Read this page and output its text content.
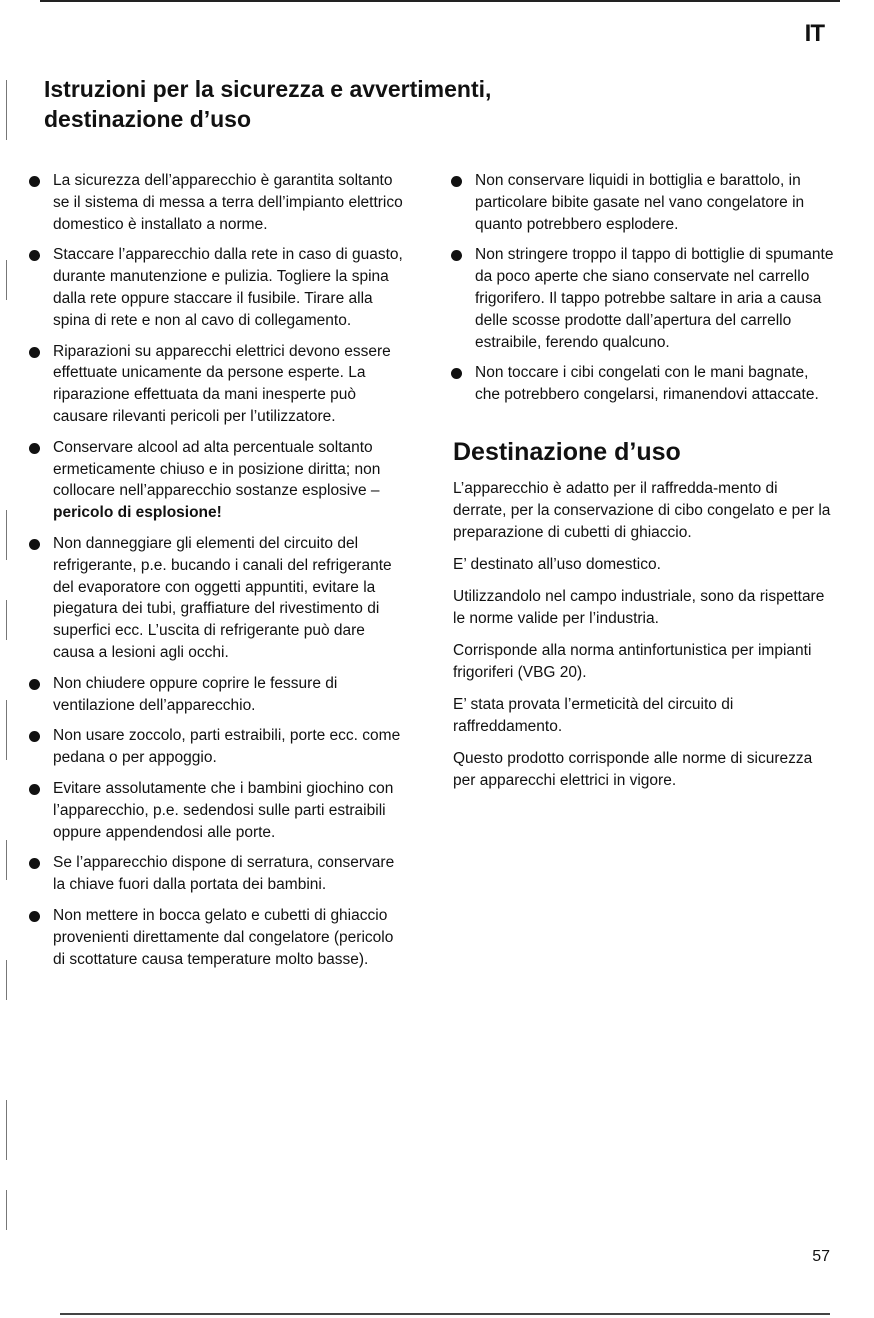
IT
Istruzioni per la sicurezza e avvertimenti, destinazione d’uso
La sicurezza dell’apparecchio è garantita soltanto se il sistema di messa a terra dell’impianto elettrico domestico è installato a norme.
Staccare l’apparecchio dalla rete in caso di guasto, durante manutenzione e pulizia. Togliere la spina dalla rete oppure staccare il fusibile. Tirare alla spina di rete e non al cavo di collegamento.
Riparazioni su apparecchi elettrici devono essere effettuate unicamente da persone esperte. La riparazione effettuata da mani inesperte può causare rilevanti pericoli per l’utilizzatore.
Conservare alcool ad alta percentuale soltanto ermeticamente chiuso e in posizione diritta; non collocare nell’apparecchio sostanze esplosive –
pericolo di esplosione!
Non danneggiare gli elementi del circuito del refrigerante, p.e. bucando i canali del refrigerante del evaporatore con oggetti appuntiti, evitare la piegatura dei tubi, graffiature del rivestimento di superfici ecc. L’uscita di refrigerante può dare causa a lesioni agli occhi.
Non chiudere oppure coprire le fessure di ventilazione dell’apparecchio.
Non usare zoccolo, parti estraibili, porte ecc. come pedana o per appoggio.
Evitare assolutamente che i bambini giochino con l’apparecchio, p.e. sedendosi sulle parti estraibili oppure appendendosi alle porte.
Se l’apparecchio dispone di serratura, conservare la chiave fuori dalla portata dei bambini.
Non mettere in bocca gelato e cubetti di ghiaccio provenienti direttamente dal congelatore (pericolo di scottature causa temperature molto basse).
Non conservare liquidi in bottiglia e barattolo, in particolare bibite gasate nel vano congelatore in quanto potrebbero esplodere.
Non stringere troppo il tappo di bottiglie di spumante da poco aperte che siano conservate nel carrello frigorifero. Il tappo potrebbe saltare in aria a causa delle scosse prodotte dall’apertura del carrello estraibile, ferendo qualcuno.
Non toccare i cibi congelati con le mani bagnate, che potrebbero congelarsi, rimanendovi attaccate.
Destinazione d’uso

L’apparecchio è adatto per il raffredda-mento di derrate, per la conservazione di cibo congelato e per la preparazione di cubetti di ghiaccio.

E’ destinato all’uso domestico.

Utilizzandolo nel campo industriale, sono da rispettare le norme valide per l’industria.

Corrisponde alla norma antinfortunistica per impianti frigoriferi (VBG 20).

E’ stata provata l’ermeticità del circuito di raffreddamento.

Questo prodotto corrisponde alle norme di sicurezza per apparecchi elettrici in vigore.

57
